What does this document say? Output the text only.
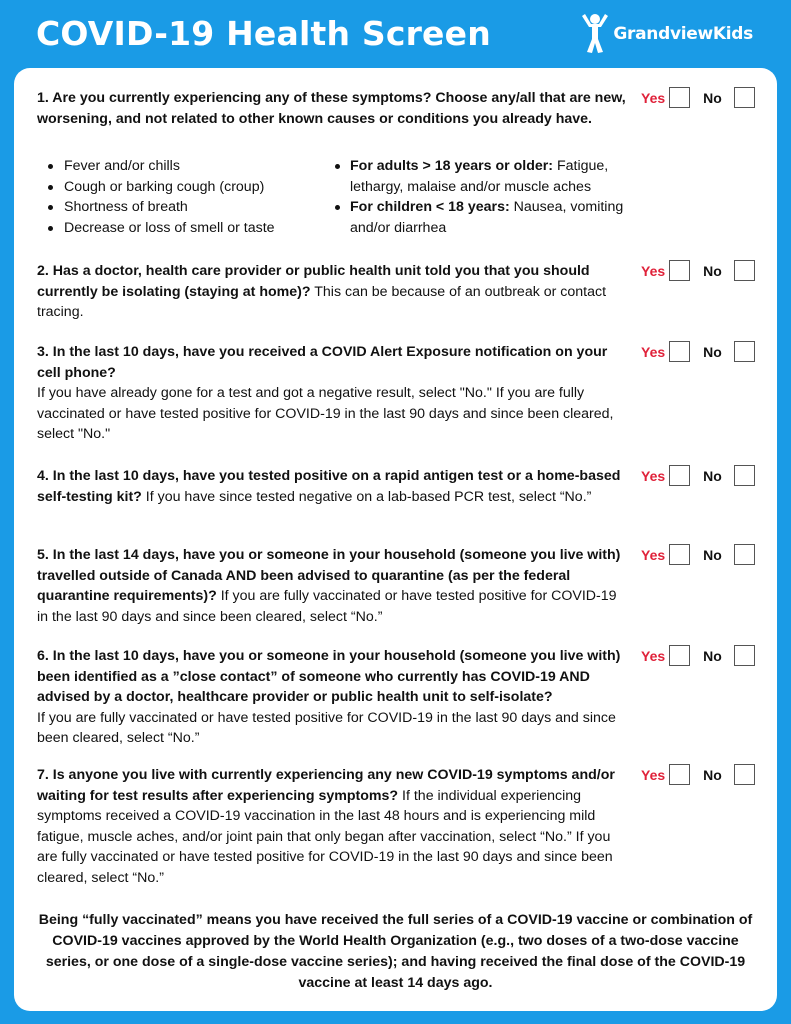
COVID-19 Health Screen	GrandviewKids
1. Are you currently experiencing any of these symptoms? Choose any/all that are new, worsening, and not related to other known causes or conditions you already have.
Yes	No
Fever and/or chills
Cough or barking cough (croup)
Shortness of breath
Decrease or loss of smell or taste
For adults > 18 years or older: Fatigue, lethargy, malaise and/or muscle aches
For children < 18 years: Nausea, vomiting and/or diarrhea
2. Has a doctor, health care provider or public health unit told you that you should currently be isolating (staying at home)? This can be because of an outbreak or contact tracing.
Yes	No
3. In the last 10 days, have you received a COVID Alert Exposure notification on your cell phone?
If you have already gone for a test and got a negative result, select "No." If you are fully vaccinated or have tested positive for COVID-19 in the last 90 days and since been cleared, select "No."
Yes	No
4. In the last 10 days, have you tested positive on a rapid antigen test or a home-based self-testing kit? If you have since tested negative on a lab-based PCR test, select “No.”
Yes	No
5. In the last 14 days, have you or someone in your household (someone you live with) travelled outside of Canada AND been advised to quarantine (as per the federal quarantine requirements)? If you are fully vaccinated or have tested positive for COVID-19 in the last 90 days and since been cleared, select “No.”
Yes	No
6. In the last 10 days, have you or someone in your household (someone you live with) been identified as a ”close contact” of someone who currently has COVID-19 AND advised by a doctor, healthcare provider or public health unit to self-isolate?
If you are fully vaccinated or have tested positive for COVID-19 in the last 90 days and since been cleared, select “No.”
Yes	No
7. Is anyone you live with currently experiencing any new COVID-19 symptoms and/or waiting for test results after experiencing symptoms? If the individual experiencing symptoms received a COVID-19 vaccination in the last 48 hours and is experiencing mild fatigue, muscle aches, and/or joint pain that only began after vaccination, select “No.” If you are fully vaccinated or have tested positive for COVID-19 in the last 90 days and since been cleared, select “No.”
Yes	No
Being “fully vaccinated” means you have received the full series of a COVID-19 vaccine or combination of COVID-19 vaccines approved by the World Health Organization (e.g., two doses of a two-dose vaccine series, or one dose of a single-dose vaccine series); and having received the final dose of the COVID-19 vaccine at least 14 days ago.
